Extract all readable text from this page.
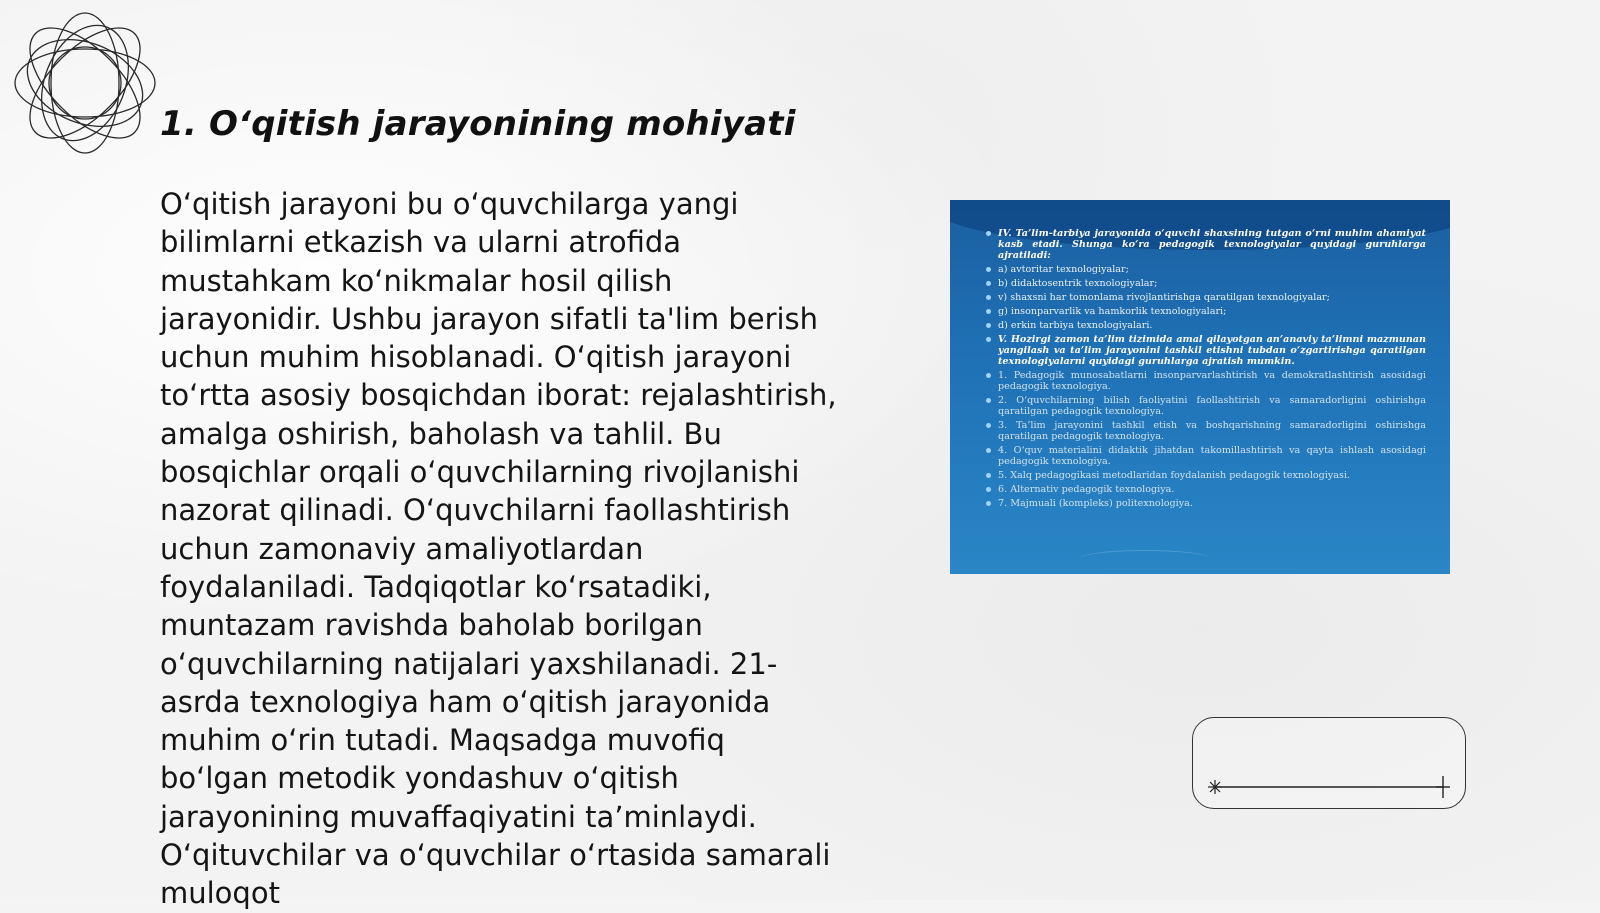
1. O‘qitish jarayonining mohiyati

O‘qitish jarayoni bu o‘quvchilarga yangi bilimlarni etkazish va ularni atrofida mustahkam ko‘nikmalar hosil qilish jarayonidir. Ushbu jarayon sifatli ta'lim berish uchun muhim hisoblanadi. O‘qitish jarayoni to‘rtta asosiy bosqichdan iborat: rejalashtirish, amalga oshirish, baholash va tahlil. Bu bosqichlar orqali o‘quvchilarning rivojlanishi nazorat qilinadi. O‘quvchilarni faollashtirish uchun zamonaviy amaliyotlardan foydalaniladi. Tadqiqotlar ko‘rsatadiki, muntazam ravishda baholab borilgan o‘quvchilarning natijalari yaxshilanadi. 21-asrda texnologiya ham o‘qitish jarayonida muhim o‘rin tutadi. Maqsadga muvofiq bo‘lgan metodik yondashuv o‘qitish jarayonining muvaffaqiyatini ta’minlaydi. O‘qituvchilar va o‘quvchilar o‘rtasida samarali muloqot

IV. Ta’lim-tarbiya jarayonida o‘quvchi shaxsining tutgan o‘rni muhim ahamiyat kasb etadi. Shunga ko‘ra pedagogik texnologiyalar quyidagi guruhlarga ajratiladi:
a) avtoritar texnologiyalar;
b) didaktosentrik texnologiyalar;
v) shaxsni har tomonlama rivojlantirishga qaratilgan texnologiyalar;
g) insonparvarlik va hamkorlik texnologiyalari;
d) erkin tarbiya texnologiyalari.
V. Hozirgi zamon ta’lim tizimida amal qilayotgan an’anaviy ta’limni mazmunan yangilash va ta’lim jarayonini tashkil etishni tubdan o‘zgartirishga qaratilgan texnologiyalarni quyidagi guruhlarga ajratish mumkin.
1. Pedagogik munosabatlarni insonparvarlashtirish va demokratlashtirish asosidagi pedagogik texnologiya.
2. O‘quvchilarning bilish faoliyatini faollashtirish va samaradorligini oshirishga qaratilgan pedagogik texnologiya.
3. Ta’lim jarayonini tashkil etish va boshqarishning samaradorligini oshirishga qaratilgan pedagogik texnologiya.
4. O‘quv materialini didaktik jihatdan takomillashtirish va qayta ishlash asosidagi pedagogik texnologiya.
5. Xalq pedagogikasi metodlaridan foydalanish pedagogik texnologiyasi.
6. Alternativ pedagogik texnologiya.
7. Majmuali (kompleks) politexnologiya.
